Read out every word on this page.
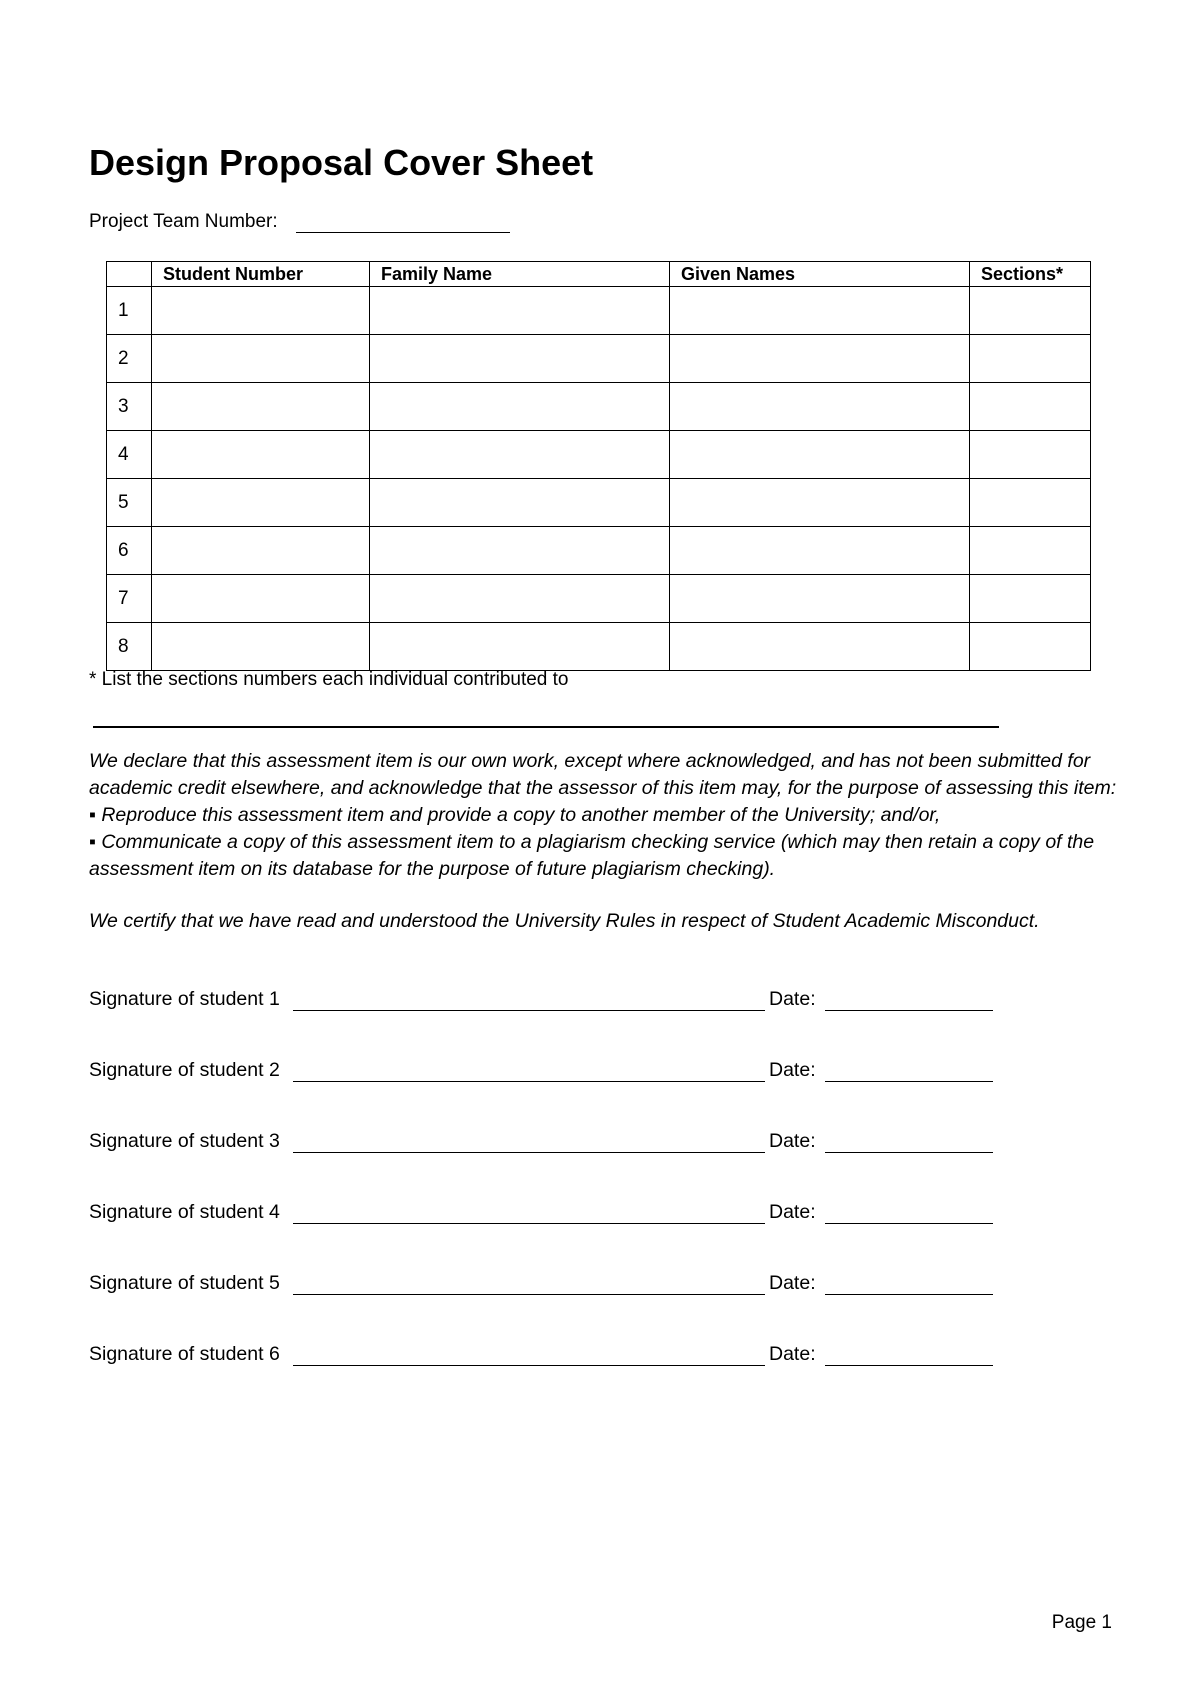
Design Proposal Cover Sheet
Project Team Number:
	Student Number	Family Name	Given Names	Sections*
1				
2				
3				
4				
5				
6				
7				
8				
* List the sections numbers each individual contributed to

We declare that this assessment item is our own work, except where acknowledged, and has not been submitted for academic credit elsewhere, and acknowledge that the assessor of this item may, for the purpose of assessing this item:

▪ Reproduce this assessment item and provide a copy to another member of the University; and/or,

▪ Communicate a copy of this assessment item to a plagiarism checking service (which may then retain a copy of the assessment item on its database for the purpose of future plagiarism checking).

We certify that we have read and understood the University Rules in respect of Student Academic Misconduct.

Signature of student 1	Date:
Signature of student 2	Date:
Signature of student 3	Date:
Signature of student 4	Date:
Signature of student 5	Date:
Signature of student 6	Date:
Page 1
